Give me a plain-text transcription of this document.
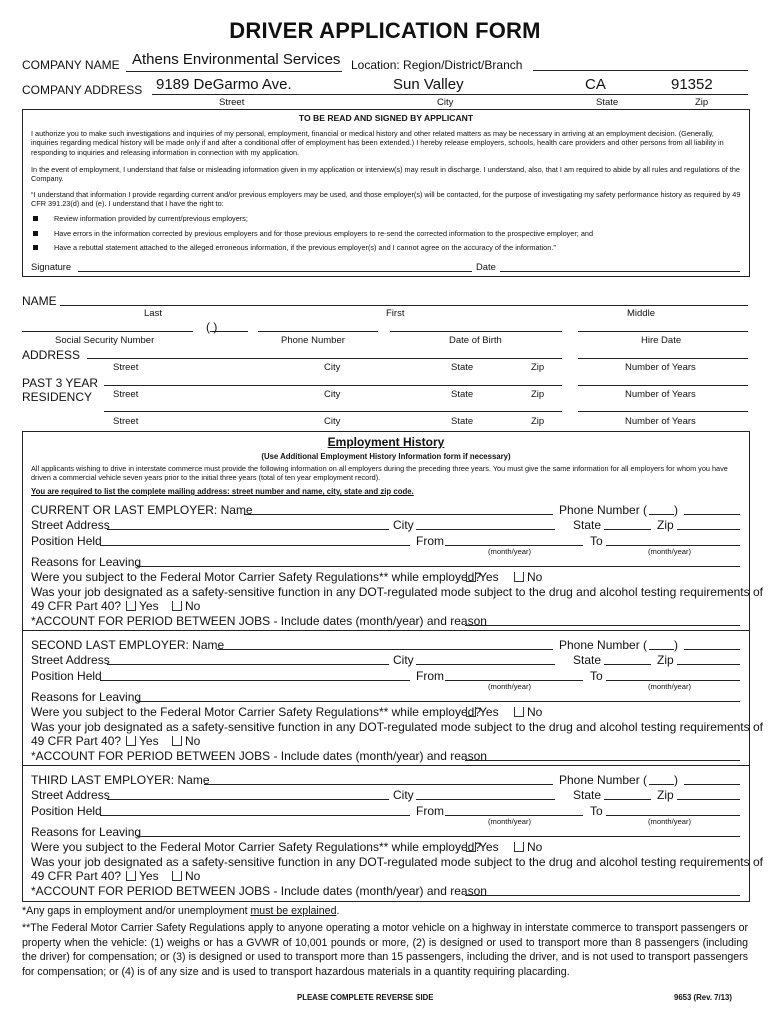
DRIVER APPLICATION FORM
COMPANY NAME Athens Environmental Services Location: Region/District/Branch
COMPANY ADDRESS 9189 DeGarmo Ave.	Sun Valley	CA	91352
Street	City	State	Zip
TO BE READ AND SIGNED BY APPLICANT
I authorize you to make such investigations and inquiries of my personal, employment, financial or medical history and other related matters as may be necessary in arriving at an employment decision. (Generally, inquiries regarding medical history will be made only if and after a conditional offer of employment has been extended.) I hereby release employers, schools, health care providers and other persons from all liability in responding to inquiries and releasing information in connection with my application.
In the event of employment, I understand that false or misleading information given in my application or interview(s) may result in discharge. I understand, also, that I am required to abide by all rules and regulations of the Company.
“I understand that information I provide regarding current and/or previous employers may be used, and those employer(s) will be contacted, for the purpose of investigating my safety performance history as required by 49 CFR 391.23(d) and (e). I understand that I have the right to:
Review information provided by current/previous employers;
Have errors in the information corrected by previous employers and for those previous employers to re-send the corrected information to the prospective employer; and
Have a rebuttal statement attached to the alleged erroneous information, if the previous employer(s) and I cannot agree on the accuracy of the information.”
Signature	Date
NAME
Last	First	Middle
( )
Social Security Number	Phone Number	Date of Birth	Hire Date
ADDRESS
Street	City	State	Zip	Number of Years
PAST 3 YEAR
RESIDENCY Street	City	State	Zip	Number of Years
Street	City	State	Zip	Number of Years
Employment History
(Use Additional Employment History Information form if necessary)
All applicants wishing to drive in interstate commerce must provide the following information on all employers during the preceding three years. You must give the same information for all employers for whom you have driven a commercial vehicle seven years prior to the initial three years (total of ten year employment record).
You are required to list the complete mailing address: street number and name, city, state and zip code.
CURRENT OR LAST EMPLOYER: Name	Phone Number ( )
Street Address	City	State	Zip
Position Held	From	To
(month/year)	(month/year)
Reasons for Leaving
Were you subject to the Federal Motor Carrier Safety Regulations** while employed?
Yes	No
Was your job designated as a safety-sensitive function in any DOT-regulated mode subject to the drug and alcohol testing requirements of
49 CFR Part 40?	Yes	No
*ACCOUNT FOR PERIOD BETWEEN JOBS - Include dates (month/year) and reason
SECOND LAST EMPLOYER: Name	Phone Number ( )
Street Address	City	State	Zip
Position Held	From	To
(month/year)	(month/year)
Reasons for Leaving
Were you subject to the Federal Motor Carrier Safety Regulations** while employed?
Yes	No
Was your job designated as a safety-sensitive function in any DOT-regulated mode subject to the drug and alcohol testing requirements of
49 CFR Part 40?	Yes	No
*ACCOUNT FOR PERIOD BETWEEN JOBS - Include dates (month/year) and reason
THIRD LAST EMPLOYER: Name	Phone Number ( )
Street Address	City	State	Zip
Position Held	From	To
(month/year)	(month/year)
Reasons for Leaving
Were you subject to the Federal Motor Carrier Safety Regulations** while employed?
Yes	No
Was your job designated as a safety-sensitive function in any DOT-regulated mode subject to the drug and alcohol testing requirements of
49 CFR Part 40?	Yes	No
*ACCOUNT FOR PERIOD BETWEEN JOBS - Include dates (month/year) and reason
*Any gaps in employment and/or unemployment must be explained.
**The Federal Motor Carrier Safety Regulations apply to anyone operating a motor vehicle on a highway in interstate commerce to transport passengers or property when the vehicle: (1) weighs or has a GVWR of 10,001 pounds or more, (2) is designed or used to transport more than 8 passengers (including the driver) for compensation; or (3) is designed or used to transport more than 15 passengers, including the driver, and is not used to transport passengers for compensation; or (4) is of any size and is used to transport hazardous materials in a quantity requiring placarding.
PLEASE COMPLETE REVERSE SIDE	9653 (Rev. 7/13)
